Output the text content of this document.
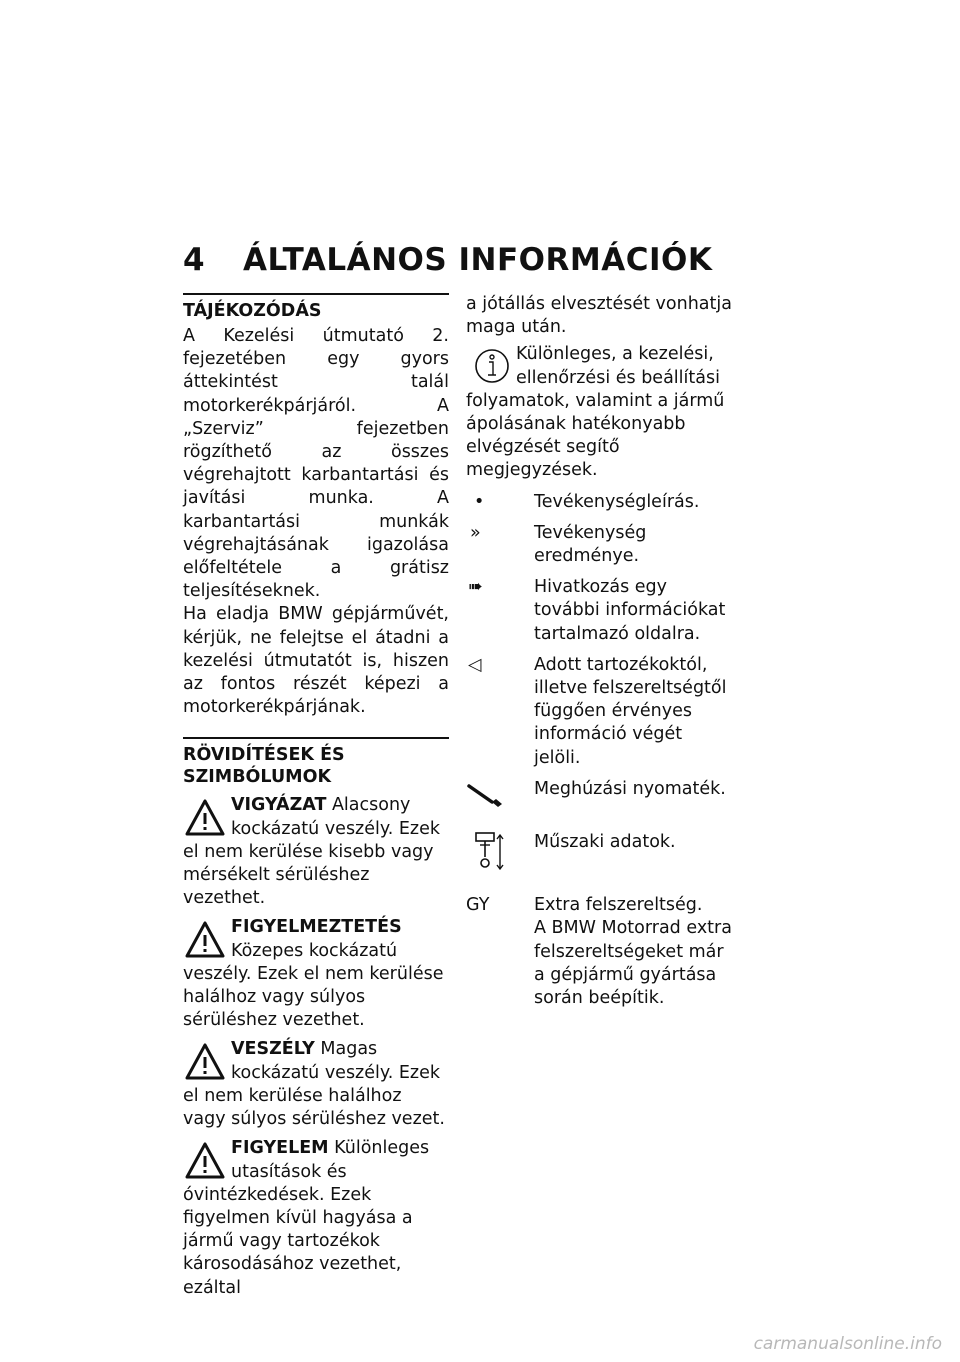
4 ÁLTALÁNOS INFORMÁCIÓK
TÁJÉKOZÓDÁS

A Kezelési útmutató 2. fejezetében egy gyors áttekintést talál motorkerékpárjáról. A „Szerviz” fejezetben rögzíthető az összes végrehajtott karbantartási és javítási munka. A karbantartási munkák végrehajtásának igazolása előfeltétele a grátisz teljesítéseknek.

Ha eladja BMW gépjárművét, kérjük, ne felejtse el átadni a kezelési útmutatót is, hiszen az fontos részét képezi a motorkerékpárjának.

RÖVIDÍTÉSEK ÉS SZIMBÓLUMOK

VIGYÁZAT Alacsony kockázatú veszély. Ezek el nem kerülése kisebb vagy mérsékelt sérüléshez vezethet.

FIGYELMEZTETÉS Közepes kockázatú veszély. Ezek el nem kerülése halálhoz vagy súlyos sérüléshez vezethet.

VESZÉLY Magas kockázatú veszély. Ezek el nem kerülése halálhoz vagy súlyos sérüléshez vezet.

FIGYELEM Különleges utasítások és óvintézkedések. Ezek figyelmen kívül hagyása a jármű vagy tartozékok károsodásához vezethet, ezáltal

a jótállás elvesztését vonhatja maga után.

Különleges, a kezelési, ellenőrzési és beállítási folyamatok, valamint a jármű ápolásának hatékonyabb elvégzését segítő megjegyzések.

•	Tevékenységleírás.
»	Tevékenység eredménye.
➠	Hivatkozás egy további információkat tartalmazó oldalra.
◁	Adott tartozékoktól, illetve felszereltségtől függően érvényes információ végét jelöli.
Meghúzási nyomaték.
Műszaki adatok.
GY	Extra felszereltség.
A BMW Motorrad extra felszereltségeket már a gépjármű gyártása során beépítik.
carmanualsonline.info
